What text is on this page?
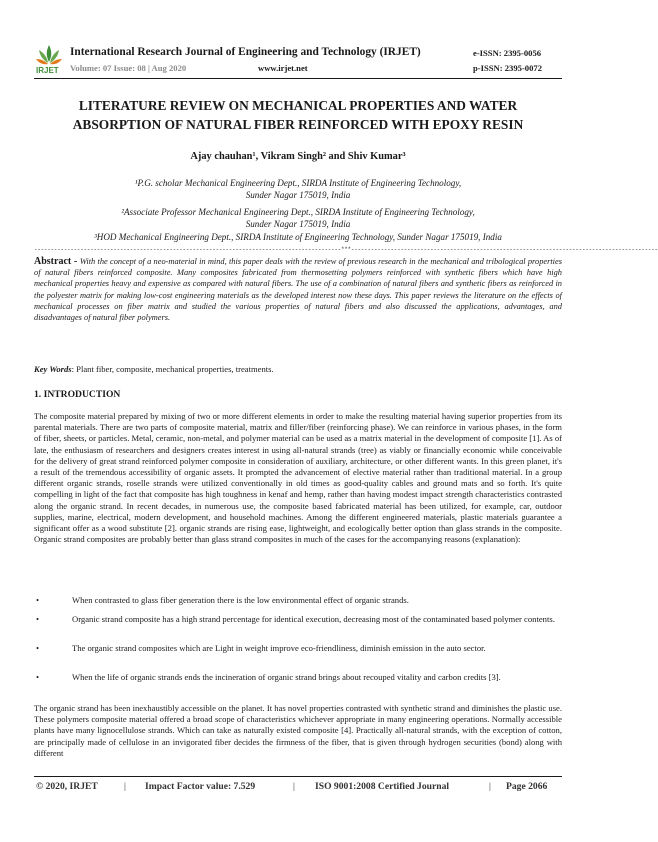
IRJET
International Research Journal of Engineering and Technology (IRJET)
Volume: 07 Issue: 08 | Aug 2020	www.irjet.net
e-ISSN: 2395-0056
p-ISSN: 2395-0072
LITERATURE REVIEW ON MECHANICAL PROPERTIES AND WATER
ABSORPTION OF NATURAL FIBER REINFORCED WITH EPOXY RESIN
Ajay chauhan¹, Vikram Singh² and Shiv Kumar³
¹P.G. scholar Mechanical Engineering Dept., SIRDA Institute of Engineering Technology,
Sunder Nagar 175019, India
²Associate Professor Mechanical Engineering Dept., SIRDA Institute of Engineering Technology,
Sunder Nagar 175019, India
³HOD Mechanical Engineering Dept., SIRDA Institute of Engineering Technology, Sunder Nagar 175019, India
---------------------------------------------------------------------------------------------***---------------------------------------------------------------------------------------------
Abstract - With the concept of a neo-material in mind, this paper deals with the review of previous research in the mechanical and tribological properties of natural fibers reinforced composite. Many composites fabricated from thermosetting polymers reinforced with synthetic fibers which have high mechanical properties heavy and expensive as compared with natural fibers. The use of a combination of natural fibers and synthetic fibers as reinforced in the polyester matrix for making low-cost engineering materials as the developed interest now these days. This paper reviews the literature on the effects of mechanical processes on fiber matrix and studied the various properties of natural fibers and also discussed the applications, advantages, and disadvantages of natural fiber polymers.
Key Words: Plant fiber, composite, mechanical properties, treatments.
1. INTRODUCTION
The composite material prepared by mixing of two or more different elements in order to make the resulting material having superior properties from its parental materials. There are two parts of composite material, matrix and filler/fiber (reinforcing phase). We can reinforce in various phases, in the form of fiber, sheets, or particles. Metal, ceramic, non-metal, and polymer material can be used as a matrix material in the development of composite [1]. As of late, the enthusiasm of researchers and designers creates interest in using all-natural strands (tree) as viably or financially economic while conceivable for the delivery of great strand reinforced polymer composite in consideration of auxiliary, architecture, or other different wants. In this green planet, it's a result of the tremendous accessibility of organic assets. It prompted the advancement of elective material rather than traditional material. In a group different organic strands, roselle strands were utilized conventionally in old times as good-quality cables and ground mats and so forth. It's quite compelling in light of the fact that composite has high toughness in kenaf and hemp, rather than having modest impact strength characteristics contrasted along the organic strand. In recent decades, in numerous use, the composite based fabricated material has been utilized, for example, car, outdoor supplies, marine, electrical, modern development, and household machines. Among the different engineered materials, plastic materials guarantee a significant offer as a wood substitute [2]. organic strands are rising ease, lightweight, and ecologically better option than glass strands in the composite. Organic strand composites are probably better than glass strand composites in much of the cases for the accompanying reasons (explanation):
•	When contrasted to glass fiber generation there is the low environmental effect of organic strands.
•	Organic strand composite has a high strand percentage for identical execution, decreasing most of the contaminated based polymer contents.
•	The organic strand composites which are Light in weight improve eco-friendliness, diminish emission in the auto sector.
•	When the life of organic strands ends the incineration of organic strand brings about recouped vitality and carbon credits [3].
The organic strand has been inexhaustibly accessible on the planet. It has novel properties contrasted with synthetic strand and diminishes the plastic use. These polymers composite material offered a broad scope of characteristics whichever appropriate in many engineering operations. Normally accessible plants have many lignocellulose strands. Which can take as naturally existed composite [4]. Practically all-natural strands, with the exception of cotton, are principally made of cellulose in an invigorated fiber decides the firmness of the fiber, that is given through hydrogen securities (bond) along with different
© 2020, IRJET	| Impact Factor value: 7.529	| ISO 9001:2008 Certified Journal	| Page 2066
